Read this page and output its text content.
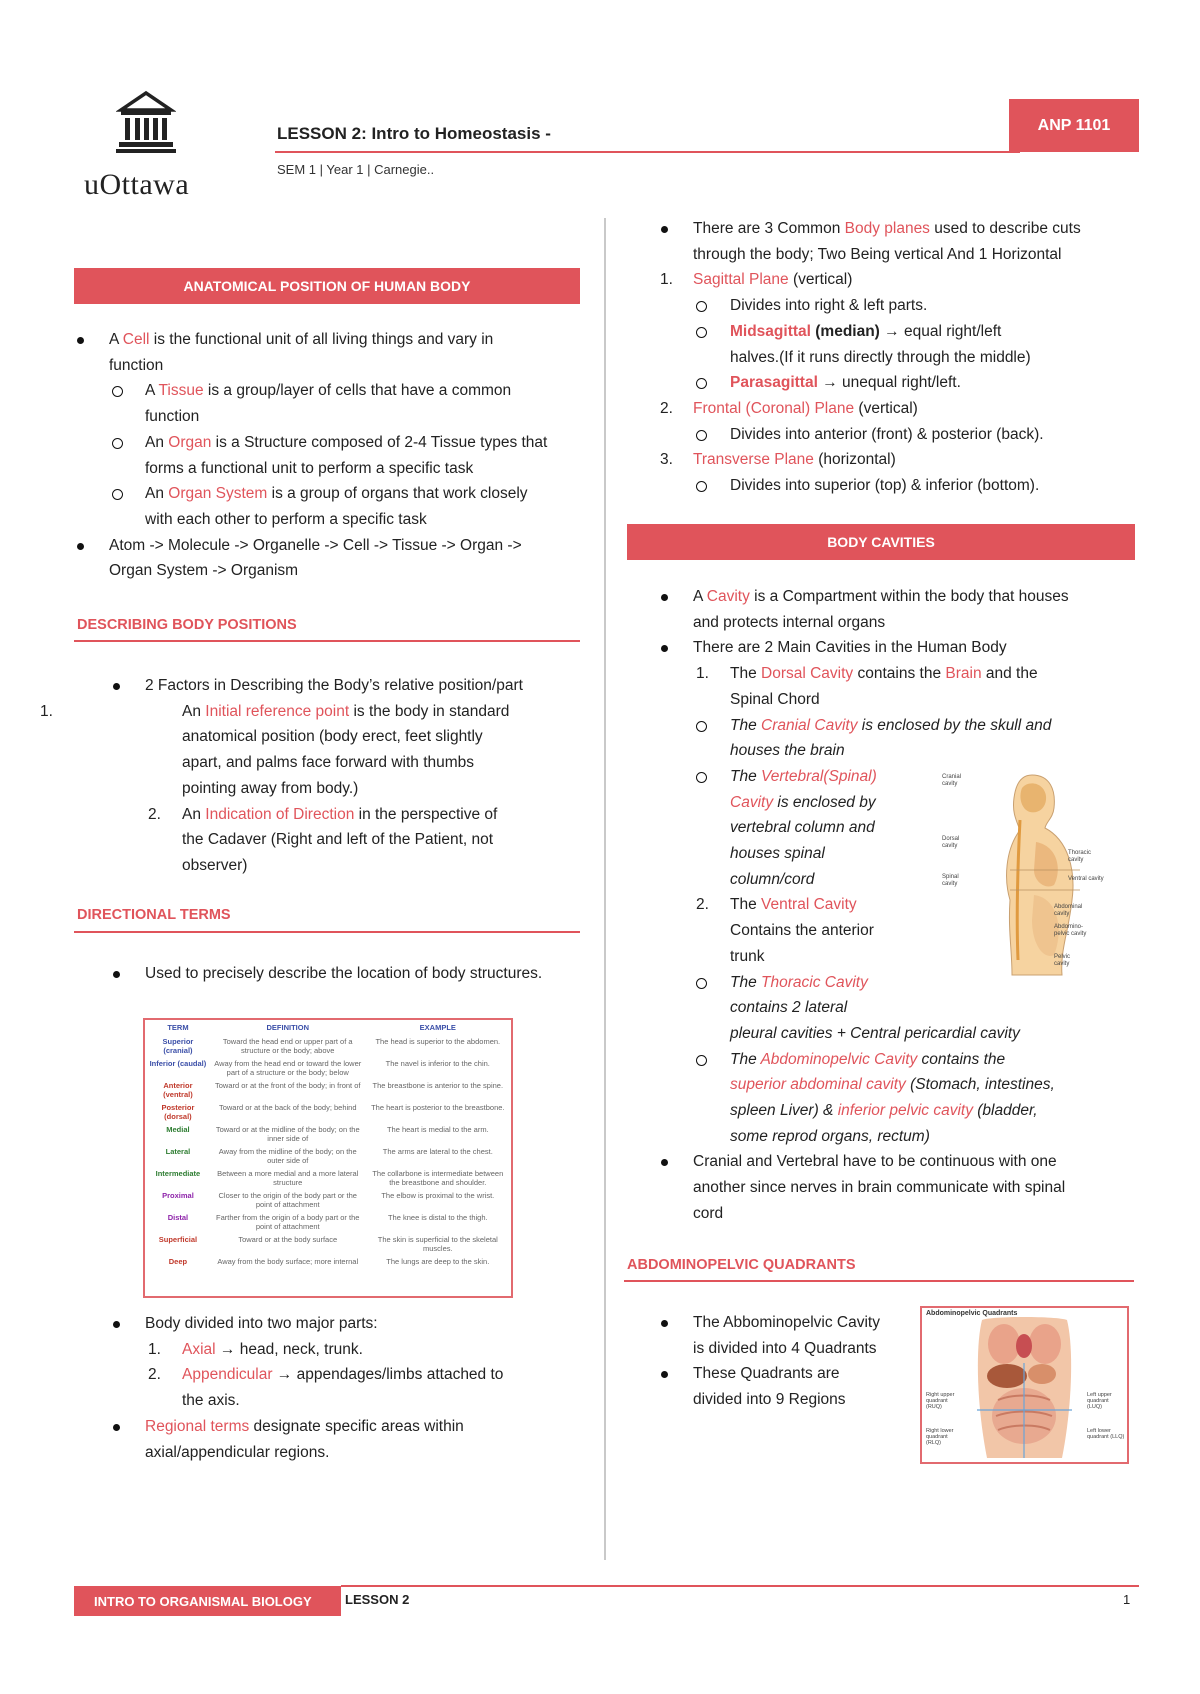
uOttawa
LESSON 2: Intro to Homeostasis -
SEM 1 | Year 1 | Carnegie..
ANP 1101
ANATOMICAL POSITION OF HUMAN BODY
A Cell is the functional unit of all living things and vary in
function
A Tissue is a group/layer of cells that have a common
function
An Organ is a Structure composed of 2-4 Tissue types that
forms a functional unit to perform a specific task
An Organ System is a group of organs that work closely
with each other to perform a specific task
Atom -> Molecule -> Organelle -> Cell -> Tissue -> Organ ->
Organ System -> Organism
DESCRIBING BODY POSITIONS
2 Factors in Describing the Body’s relative position/part
1.	An Initial reference point is the body in standard
anatomical position (body erect, feet slightly
apart, and palms face forward with thumbs
pointing away from body.)
2. An Indication of Direction in the perspective of
the Cadaver (Right and left of the Patient, not
observer)
DIRECTIONAL TERMS
Used to precisely describe the location of body structures.
TERM	DEFINITION	EXAMPLE
Superior (cranial)	Toward the head end or upper part of a structure or the body; above	The head is superior to the abdomen.
Inferior (caudal)	Away from the head end or toward the lower part of a structure or the body; below	The navel is inferior to the chin.
Anterior (ventral)	Toward or at the front of the body; in front of	The breastbone is anterior to the spine.
Posterior (dorsal)	Toward or at the back of the body; behind	The heart is posterior to the breastbone.
Medial	Toward or at the midline of the body; on the inner side of	The heart is medial to the arm.
Lateral	Away from the midline of the body; on the outer side of	The arms are lateral to the chest.
Intermediate	Between a more medial and a more lateral structure	The collarbone is intermediate between the breastbone and shoulder.
Proximal	Closer to the origin of the body part or the point of attachment	The elbow is proximal to the wrist.
Distal	Farther from the origin of a body part or the point of attachment	The knee is distal to the thigh.
Superficial	Toward or at the body surface	The skin is superficial to the skeletal muscles.
Deep	Away from the body surface; more internal	The lungs are deep to the skin.
Body divided into two major parts:
1. Axial → head, neck, trunk.
2. Appendicular → appendages/limbs attached to
the axis.
Regional terms designate specific areas within
axial/appendicular regions.
There are 3 Common Body planes used to describe cuts
through the body; Two Being vertical And 1 Horizontal
1. Sagittal Plane (vertical)
Divides into right & left parts.
Midsagittal (median) → equal right/left
halves.(If it runs directly through the middle)
Parasagittal → unequal right/left.
2. Frontal (Coronal) Plane (vertical)
Divides into anterior (front) & posterior (back).
3. Transverse Plane (horizontal)
Divides into superior (top) & inferior (bottom).
BODY CAVITIES
A Cavity is a Compartment within the body that houses
and protects internal organs
There are 2 Main Cavities in the Human Body
1. The Dorsal Cavity contains the Brain and the
Spinal Chord
The Cranial Cavity is enclosed by the skull and
houses the brain
The Vertebral(Spinal)
Cavity is enclosed by
vertebral column and
houses spinal
column/cord
2. The Ventral Cavity
Contains the anterior
trunk
The Thoracic Cavity
contains 2 lateral
pleural cavities + Central pericardial cavity
The Abdominopelvic Cavity contains the
superior abdominal cavity (Stomach, intestines,
spleen Liver) & inferior pelvic cavity (bladder,
some reprod organs, rectum)
Cranial and Vertebral have to be continuous with one
another since nerves in brain communicate with spinal
cord
Cranial cavity
Dorsal cavity
Spinal cavity
Thoracic cavity
Ventral cavity
Abdominal cavity
Abdomino-pelvic cavity
Pelvic cavity
ABDOMINOPELVIC QUADRANTS
The Abbominopelvic Cavity
is divided into 4 Quadrants
These Quadrants are
divided into 9 Regions
Abdominopelvic Quadrants
Right upper quadrant (RUQ)
Left upper quadrant (LUQ)
Right lower quadrant (RLQ)
Left lower quadrant (LLQ)
INTRO TO ORGANISMAL BIOLOGY	LESSON 2	1
